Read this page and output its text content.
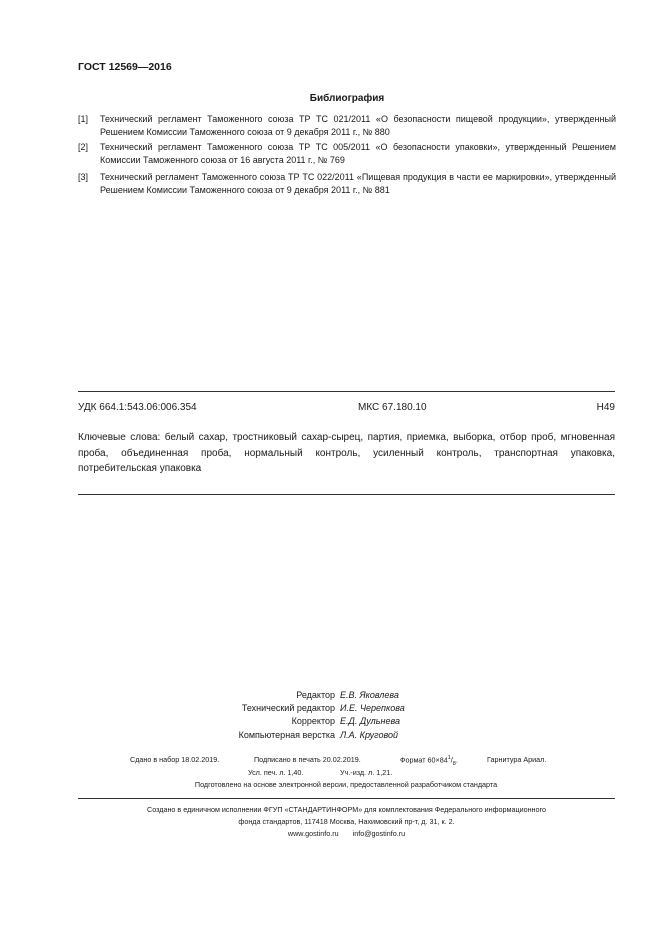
ГОСТ 12569—2016
Библиография
[1] Технический регламент Таможенного союза ТР ТС 021/2011 «О безопасности пищевой продукции», утвержденный Решением Комиссии Таможенного союза от 9 декабря 2011 г., № 880
[2] Технический регламент Таможенного союза ТР ТС 005/2011 «О безопасности упаковки», утвержденный Решением Комиссии Таможенного союза от 16 августа 2011 г., № 769
[3] Технический регламент Таможенного союза ТР ТС 022/2011 «Пищевая продукция в части ее маркировки», утвержденный Решением Комиссии Таможенного союза от 9 декабря 2011 г., № 881
УДК 664.1:543.06:006.354	МКС 67.180.10	Н49
Ключевые слова: белый сахар, тростниковый сахар-сырец, партия, приемка, выборка, отбор проб, мгновенная проба, объединенная проба, нормальный контроль, усиленный контроль, транспортная упаковка, потребительская упаковка
Редактор Е.В. Яковлева
Технический редактор И.Е. Черепкова
Корректор Е.Д. Дульнева
Компьютерная верстка Л.А. Круговой
Сдано в набор 18.02.2019.	Подписано в печать 20.02.2019.	Формат $60\times 84^1/_8$.	Гарнитура Ариал.
Усл. печ. л. 1,40.	Уч.-изд. л. 1,21.
Подготовлено на основе электронной версии, предоставленной разработчиком стандарта
Создано в единичном исполнении ФГУП «СТАНДАРТИНФОРМ» для комплектования Федерального информационного
фонда стандартов, 117418 Москва, Нахимовский пр-т, д. 31, к. 2.
www.gostinfo.ru info@gostinfo.ru
